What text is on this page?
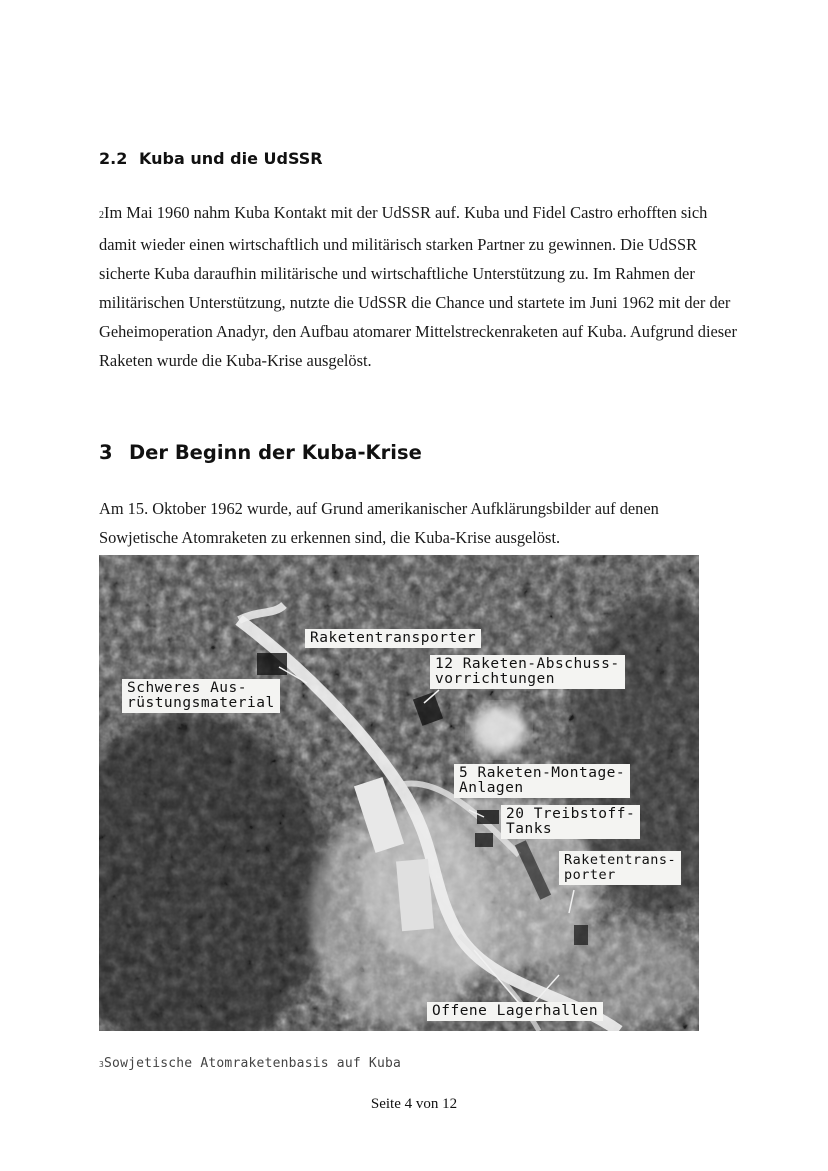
2.2 Kuba und die UdSSR

2Im Mai 1960 nahm Kuba Kontakt mit der UdSSR auf. Kuba und Fidel Castro erhofften sich damit wieder einen wirtschaftlich und militärisch starken Partner zu gewinnen. Die UdSSR sicherte Kuba daraufhin militärische und wirtschaftliche Unterstützung zu. Im Rahmen der militärischen Unterstützung, nutzte die UdSSR die Chance und startete im Juni 1962 mit der der Geheimoperation Anadyr, den Aufbau atomarer Mittelstreckenraketen auf Kuba. Aufgrund dieser Raketen wurde die Kuba-Krise ausgelöst.

3 Der Beginn der Kuba-Krise

Am 15. Oktober 1962 wurde, auf Grund amerikanischer Aufklärungsbilder auf denen Sowjetische Atomraketen zu erkennen sind, die Kuba-Krise ausgelöst.

Raketentransporter
12 Raketen-Abschuss-
vorrichtungen
Schweres Aus-
rüstungsmaterial
5 Raketen-Montage-
Anlagen
20 Treibstoff-
Tanks
Raketentrans-
porter
Offene Lagerhallen

3Sowjetische Atomraketenbasis auf Kuba

Seite 4 von 12
